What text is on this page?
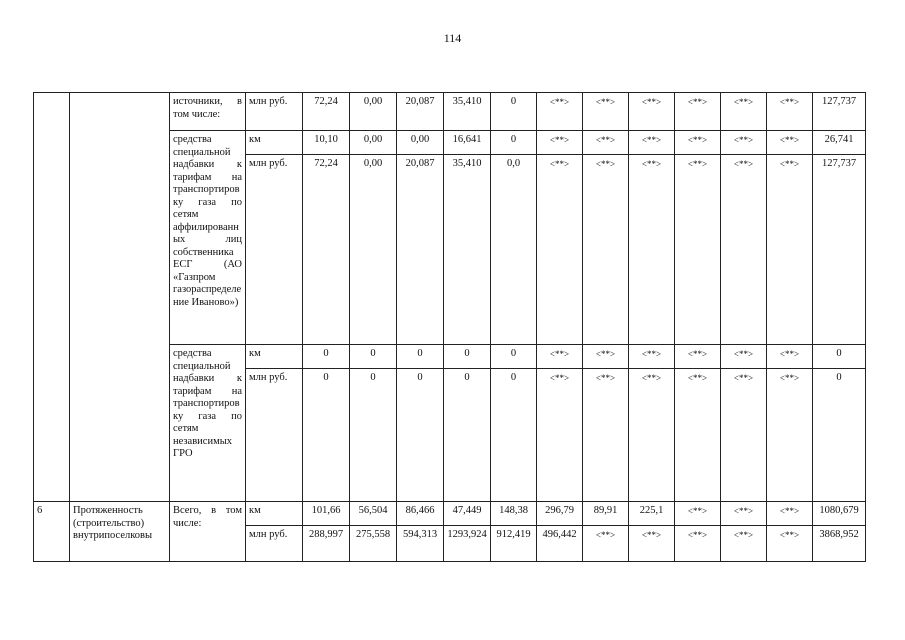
114
		источники, в том числе:	млн руб.	72,24	0,00	20,087	35,410	0	<**>	<**>	<**>	<**>	<**>	<**>	127,737
		средства специальной надбавки к тарифам на транспортировку газа по сетям аффилированных лиц собственника ЕСГ (АО «Газпром газораспределение Иваново»)	км	10,10	0,00	0,00	16,641	0	<**>	<**>	<**>	<**>	<**>	<**>	26,741
			млн руб.	72,24	0,00	20,087	35,410	0,0	<**>	<**>	<**>	<**>	<**>	<**>	127,737
		средства специальной надбавки к тарифам на транспортировку газа по сетям независимых ГРО	км	0	0	0	0	0	<**>	<**>	<**>	<**>	<**>	<**>	0
			млн руб.	0	0	0	0	0	<**>	<**>	<**>	<**>	<**>	<**>	0
6	Протяженность (строительство) внутрипоселковы	Всего, в том числе:	км	101,66	56,504	86,466	47,449	148,38	296,79	89,91	225,1	<**>	<**>	<**>	1080,679
			млн руб.	288,997	275,558	594,313	1293,924	912,419	496,442	<**>	<**>	<**>	<**>	<**>	3868,952
